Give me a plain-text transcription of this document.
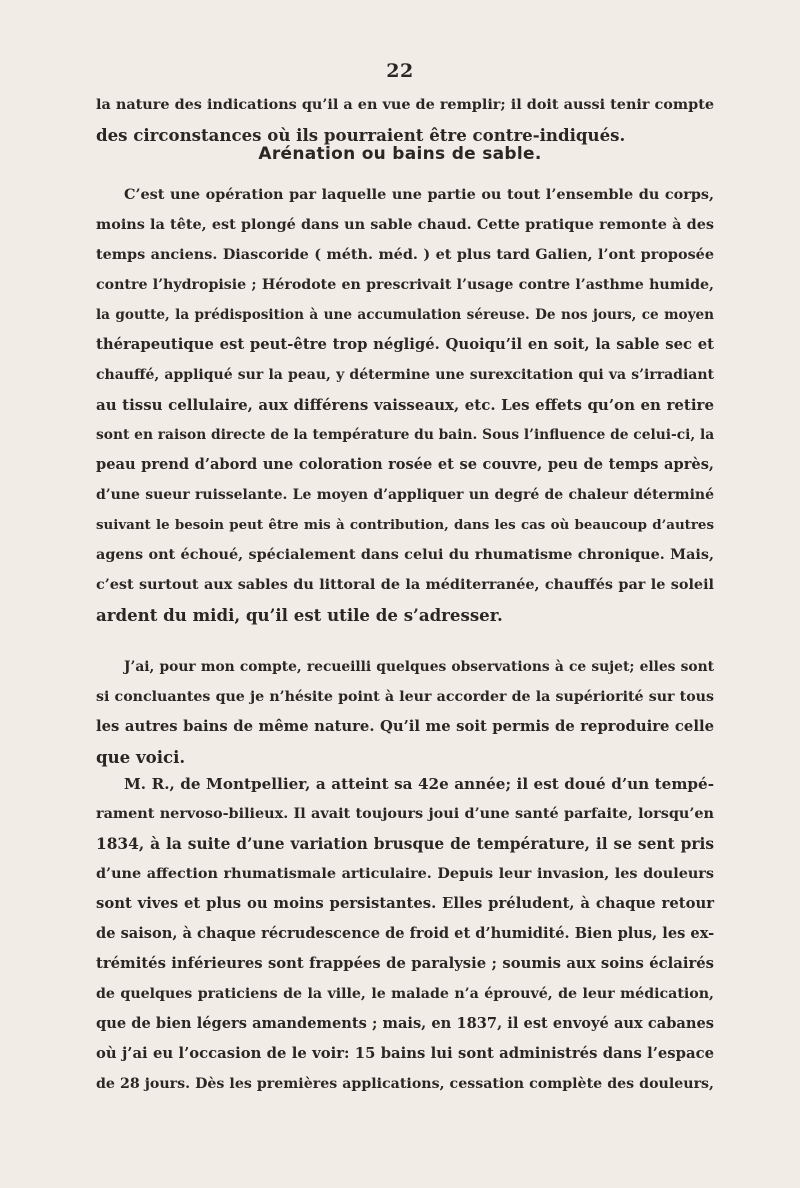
22
la nature des indications qu’il a en vue de remplir; il doit aussi tenir compte
des circonstances où ils pourraient être contre-indiqués.
Arénation ou bains de sable.
C’est une opération par laquelle une partie ou tout l’ensemble du corps,
moins la tête, est plongé dans un sable chaud. Cette pratique remonte à des
temps anciens. Diascoride ( méth. méd. ) et plus tard Galien, l’ont proposée
contre l’hydropisie ; Hérodote en prescrivait l’usage contre l’asthme humide,
la goutte, la prédisposition à une accumulation séreuse. De nos jours, ce moyen
thérapeutique est peut-être trop négligé. Quoiqu’il en soit, la sable sec et
chauffé, appliqué sur la peau, y détermine une surexcitation qui va s’irradiant
au tissu cellulaire, aux différens vaisseaux, etc. Les effets qu’on en retire
sont en raison directe de la température du bain. Sous l’influence de celui-ci, la
peau prend d’abord une coloration rosée et se couvre, peu de temps après,
d’une sueur ruisselante. Le moyen d’appliquer un degré de chaleur déterminé
suivant le besoin peut être mis à contribution, dans les cas où beaucoup d’autres
agens ont échoué, spécialement dans celui du rhumatisme chronique. Mais,
c’est surtout aux sables du littoral de la méditerranée, chauffés par le soleil
ardent du midi, qu’il est utile de s’adresser.
J’ai, pour mon compte, recueilli quelques observations à ce sujet; elles sont
si concluantes que je n’hésite point à leur accorder de la supériorité sur tous
les autres bains de même nature. Qu’il me soit permis de reproduire celle
que voici.
M. R., de Montpellier, a atteint sa 42e année; il est doué d’un tempé-
rament nervoso-bilieux. Il avait toujours joui d’une santé parfaite, lorsqu’en
1834, à la suite d’une variation brusque de température, il se sent pris
d’une affection rhumatismale articulaire. Depuis leur invasion, les douleurs
sont vives et plus ou moins persistantes. Elles préludent, à chaque retour
de saison, à chaque récrudescence de froid et d’humidité. Bien plus, les ex-
trémités inférieures sont frappées de paralysie ; soumis aux soins éclairés
de quelques praticiens de la ville, le malade n’a éprouvé, de leur médication,
que de bien légers amandements ; mais, en 1837, il est envoyé aux cabanes
où j’ai eu l’occasion de le voir: 15 bains lui sont administrés dans l’espace
de 28 jours. Dès les premières applications, cessation complète des douleurs,
